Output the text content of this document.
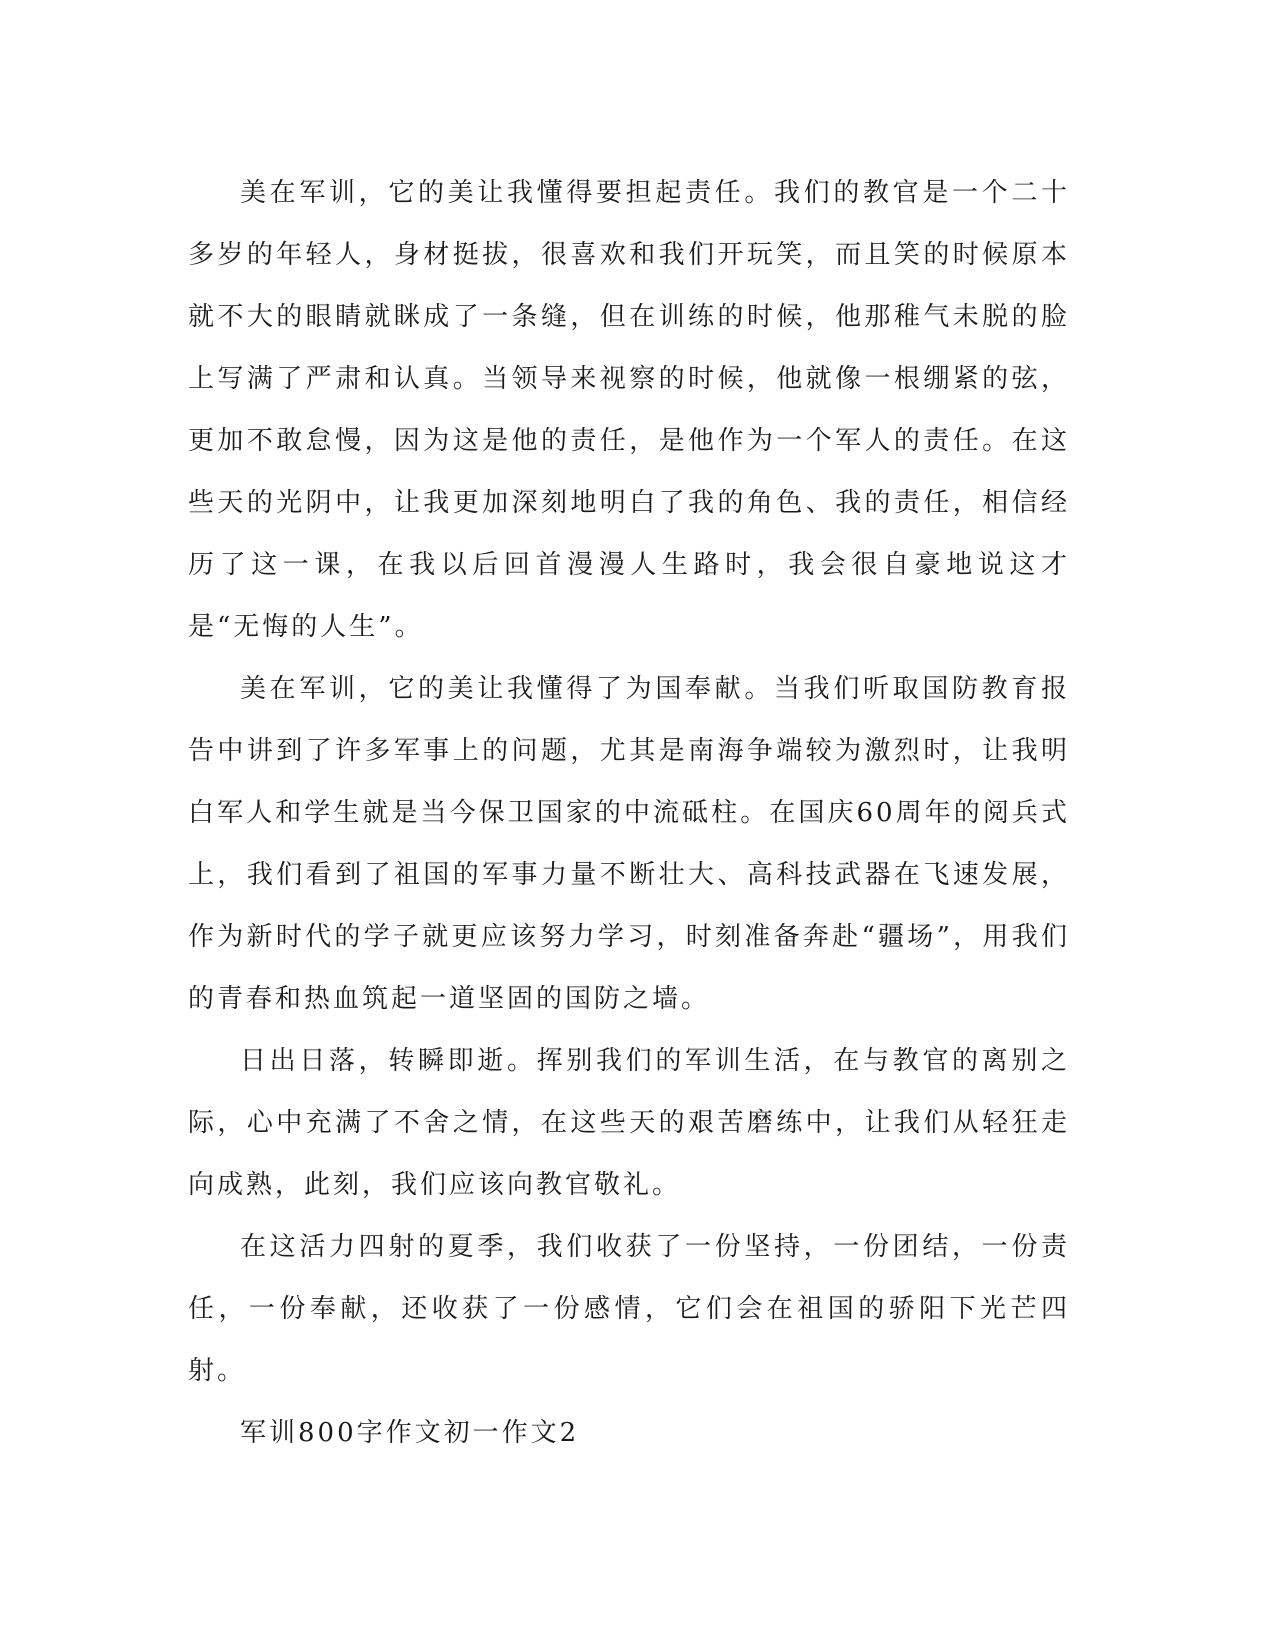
美在军训，它的美让我懂得要担起责任。我们的教官是一个二十多岁的年轻人，身材挺拔，很喜欢和我们开玩笑，而且笑的时候原本就不大的眼睛就眯成了一条缝，但在训练的时候，他那稚气未脱的脸上写满了严肃和认真。当领导来视察的时候，他就像一根绷紧的弦，更加不敢怠慢，因为这是他的责任，是他作为一个军人的责任。在这些天的光阴中，让我更加深刻地明白了我的角色、我的责任，相信经历了这一课，在我以后回首漫漫人生路时，我会很自豪地说这才是“无悔的人生”。

美在军训，它的美让我懂得了为国奉献。当我们听取国防教育报告中讲到了许多军事上的问题，尤其是南海争端较为激烈时，让我明白军人和学生就是当今保卫国家的中流砥柱。在国庆60周年的阅兵式上，我们看到了祖国的军事力量不断壮大、高科技武器在飞速发展，作为新时代的学子就更应该努力学习，时刻准备奔赴“疆场”，用我们的青春和热血筑起一道坚固的国防之墙。

日出日落，转瞬即逝。挥别我们的军训生活，在与教官的离别之际，心中充满了不舍之情，在这些天的艰苦磨练中，让我们从轻狂走向成熟，此刻，我们应该向教官敬礼。

在这活力四射的夏季，我们收获了一份坚持，一份团结，一份责任，一份奉献，还收获了一份感情，它们会在祖国的骄阳下光芒四射。

军训800字作文初一作文2
